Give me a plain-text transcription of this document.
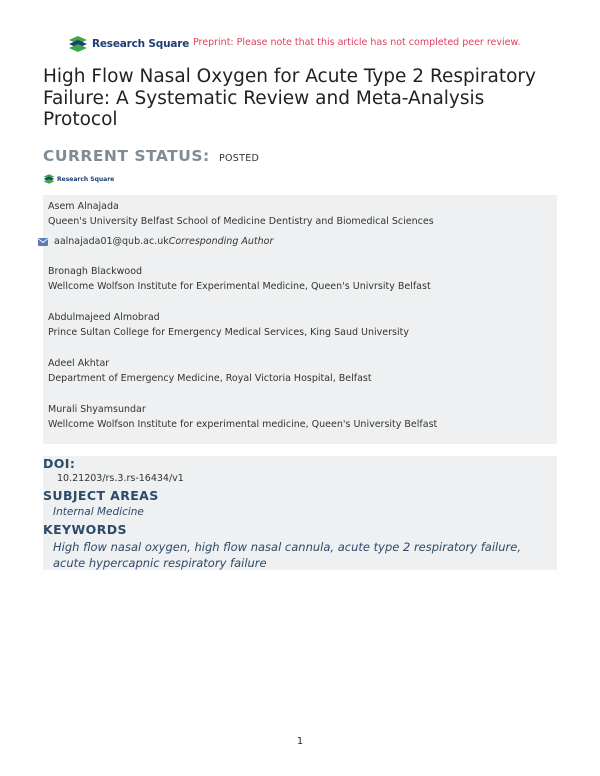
Research Square Preprint: Please note that this article has not completed peer review.
High Flow Nasal Oxygen for Acute Type 2 Respiratory Failure: A Systematic Review and Meta-Analysis Protocol
CURRENT STATUS: POSTED
Research Square
Asem Alnajada
Queen's University Belfast School of Medicine Dentistry and Biomedical Sciences
Bronagh Blackwood
Wellcome Wolfson Institute for Experimental Medicine, Queen's Univrsity Belfast
Abdulmajeed Almobrad
Prince Sultan College for Emergency Medical Services, King Saud University
Adeel Akhtar
Department of Emergency Medicine, Royal Victoria Hospital, Belfast
Murali Shyamsundar
Wellcome Wolfson Institute for experimental medicine, Queen's University Belfast
aalnajada01@qub.ac.uk Corresponding Author
DOI:
10.21203/rs.3.rs-16434/v1
SUBJECT AREAS
Internal Medicine
KEYWORDS
High flow nasal oxygen, high flow nasal cannula, acute type 2 respiratory failure, acute hypercapnic respiratory failure
1
